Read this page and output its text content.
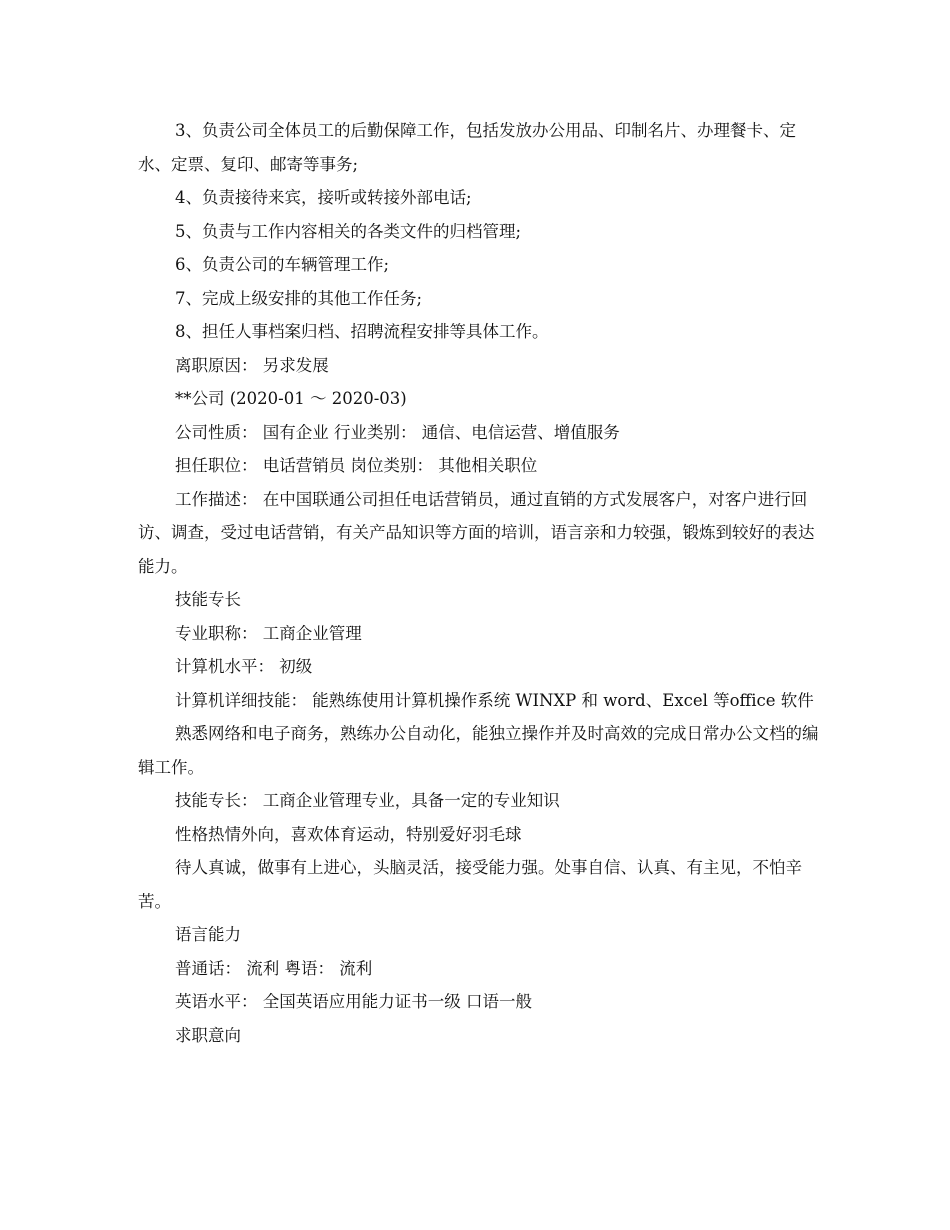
3、负责公司全体员工的后勤保障工作，包括发放办公用品、印制名片、办理餐卡、定水、定票、复印、邮寄等事务;

4、负责接待来宾，接听或转接外部电话;

5、负责与工作内容相关的各类文件的归档管理;

6、负责公司的车辆管理工作;

7、完成上级安排的其他工作任务;

8、担任人事档案归档、招聘流程安排等具体工作。

离职原因： 另求发展

**公司 (2020-01 ～ 2020-03)

公司性质： 国有企业 行业类别： 通信、电信运营、增值服务

担任职位： 电话营销员 岗位类别： 其他相关职位

工作描述： 在中国联通公司担任电话营销员，通过直销的方式发展客户，对客户进行回访、调查，受过电话营销，有关产品知识等方面的培训，语言亲和力较强，锻炼到较好的表达能力。

技能专长

专业职称： 工商企业管理

计算机水平： 初级

计算机详细技能： 能熟练使用计算机操作系统 WINXP 和 word、Excel 等office 软件

熟悉网络和电子商务，熟练办公自动化，能独立操作并及时高效的完成日常办公文档的编辑工作。

技能专长： 工商企业管理专业，具备一定的专业知识

性格热情外向，喜欢体育运动，特别爱好羽毛球

待人真诚，做事有上进心，头脑灵活，接受能力强。处事自信、认真、有主见，不怕辛苦。

语言能力

普通话： 流利 粤语： 流利

英语水平： 全国英语应用能力证书一级 口语一般

求职意向
